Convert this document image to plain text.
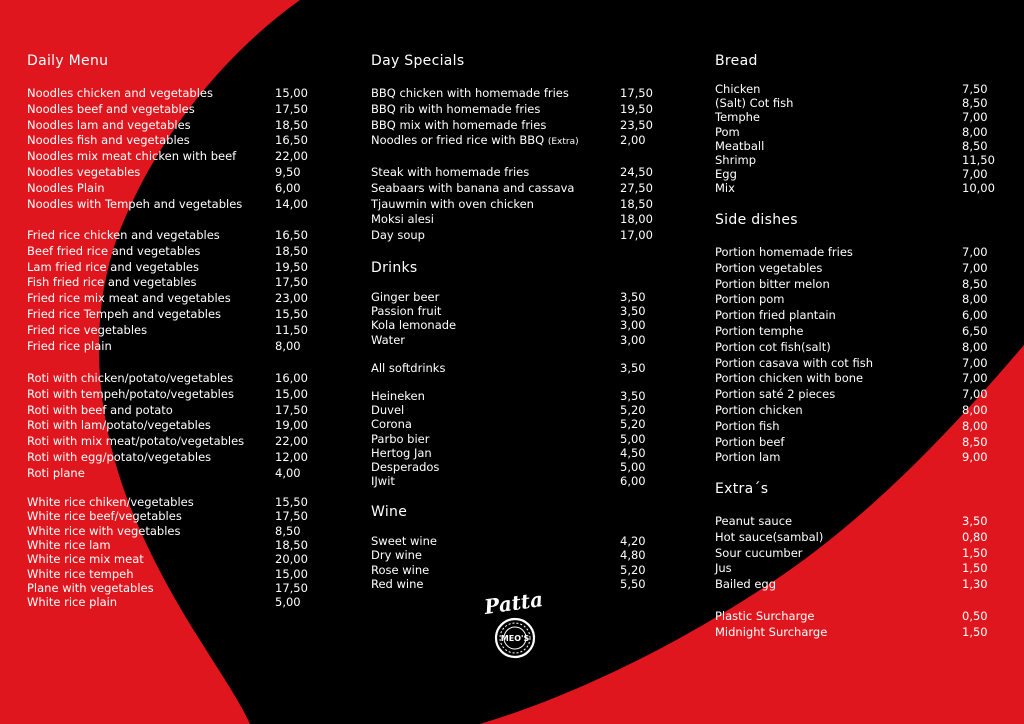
Daily Menu
Noodles chicken and vegetables	15,00
Noodles beef and vegetables	17,50
Noodles lam and vegetables	18,50
Noodles fish and vegetables	16,50
Noodles mix meat chicken with beef	22,00
Noodles vegetables	9,50
Noodles Plain	6,00
Noodles with Tempeh and vegetables	14,00
Fried rice chicken and vegetables	16,50
Beef fried rice and vegetables	18,50
Lam fried rice and vegetables	19,50
Fish fried rice and vegetables	17,50
Fried rice mix meat and vegetables	23,00
Fried rice Tempeh and vegetables	15,50
Fried rice vegetables	11,50
Fried rice plain	8,00
Roti with chicken/potato/vegetables	16,00
Roti with tempeh/potato/vegetables	15,00
Roti with beef and potato	17,50
Roti with lam/potato/vegetables	19,00
Roti with mix meat/potato/vegetables	22,00
Roti with egg/potato/vegetables	12,00
Roti plane	4,00
White rice chiken/vegetables	15,50
White rice beef/vegetables	17,50
White rice with vegetables	8,50
White rice lam	18,50
White rice mix meat	20,00
White rice tempeh	15,00
Plane with vegetables	17,50
White rice plain	5,00
Day Specials
Drinks
Wine
BBQ chicken with homemade fries	17,50
BBQ rib with homemade fries	19,50
BBQ mix with homemade fries	23,50
Noodles or fried rice with BBQ (Extra)	2,00
Steak with homemade fries	24,50
Seabaars with banana and cassava	27,50
Tjauwmin with oven chicken	18,50
Moksi alesi	18,00
Day soup	17,00
Ginger beer	3,50
Passion fruit	3,50
Kola lemonade	3,00
Water	3,00
All softdrinks	3,50
Heineken	3,50
Duvel	5,20
Corona	5,20
Parbo bier	5,00
Hertog Jan	4,50
Desperados	5,00
IJwit	6,00
Sweet wine	4,20
Dry wine	4,80
Rose wine	5,20
Red wine	5,50
Bread
Side dishes
Extra´s
Chicken	7,50
(Salt) Cot fish	8,50
Temphe	7,00
Pom	8,00
Meatball	8,50
Shrimp	11,50
Egg	7,00
Mix	10,00
Portion homemade fries	7,00
Portion vegetables	7,00
Portion bitter melon	8,50
Portion pom	8,00
Portion fried plantain	6,00
Portion temphe	6,50
Portion cot fish(salt)	8,00
Portion casava with cot fish	7,00
Portion chicken with bone	7,00
Portion saté 2 pieces	7,00
Portion chicken	8,00
Portion fish	8,00
Portion beef	8,50
Portion lam	9,00
Peanut sauce	3,50
Hot sauce(sambal)	0,80
Sour cucumber	1,50
Jus	1,50
Bailed egg	1,30
Plastic Surcharge	0,50
Midnight Surcharge	1,50
Patta
MEO'S
